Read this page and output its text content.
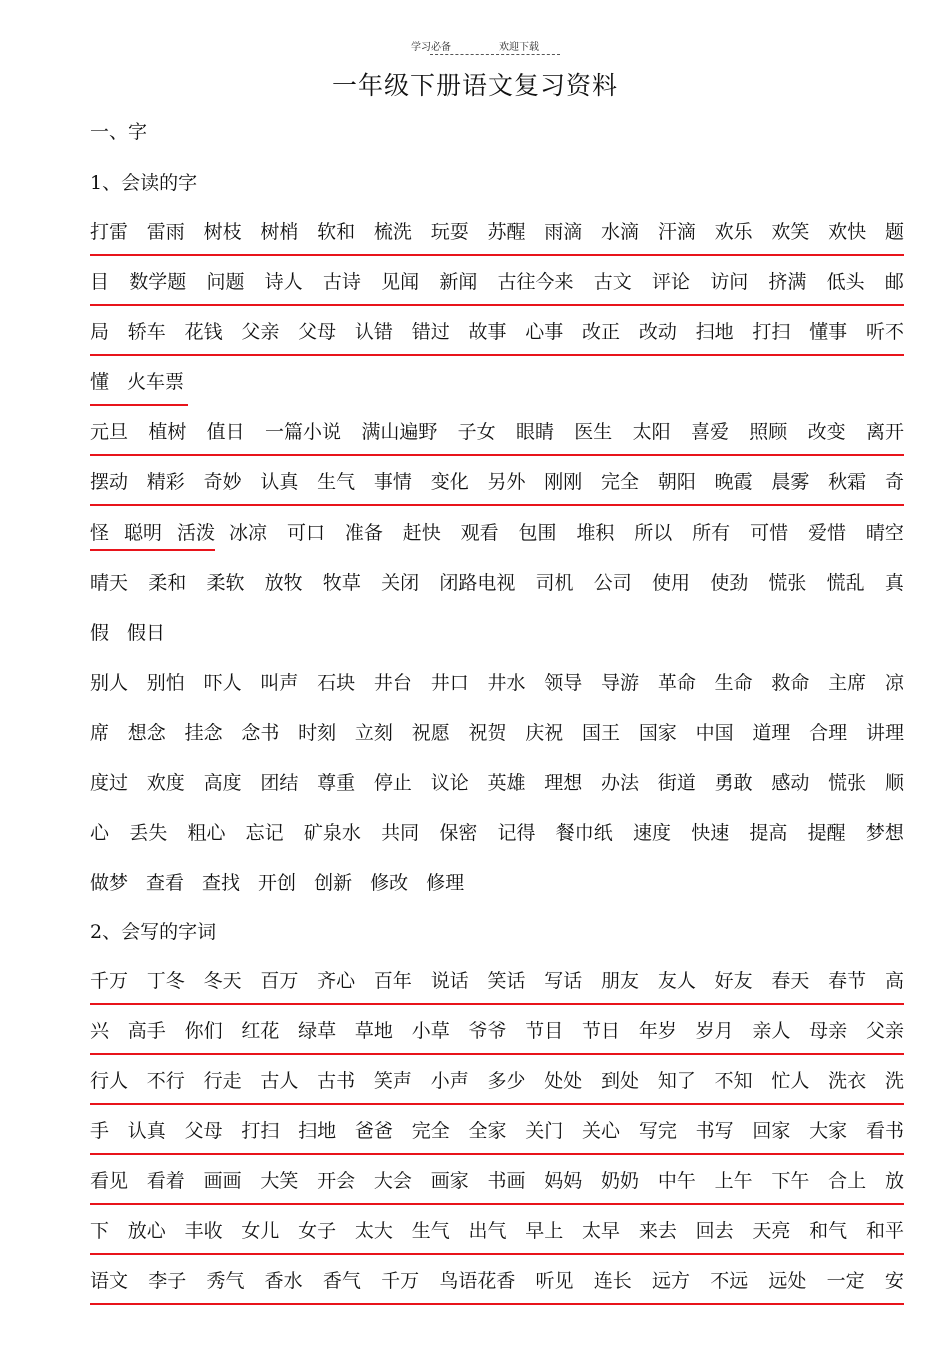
学习必备	欢迎下载
一年级下册语文复习资料
一、字
1、会读的字
打雷 雷雨 树枝 树梢 软和 梳洗 玩耍 苏醒 雨滴 水滴 汗滴 欢乐 欢笑 欢快 题
目 数学题 问题 诗人 古诗 见闻 新闻 古往今来 古文 评论 访问 挤满 低头 邮
局 轿车 花钱 父亲 父母 认错 错过 故事 心事 改正 改动 扫地 打扫 懂事 听不
懂 火车票
元旦 植树 值日 一篇小说 满山遍野 子女 眼睛 医生 太阳 喜爱 照顾 改变 离开
摆动 精彩 奇妙 认真 生气 事情 变化 另外 刚刚 完全 朝阳 晚霞 晨雾 秋霜 奇
怪 聪明 活泼 冰凉 可口 准备 赶快 观看 包围 堆积 所以 所有 可惜 爱惜 晴空
晴天 柔和 柔软 放牧 牧草 关闭 闭路电视 司机 公司 使用 使劲 慌张 慌乱 真
假 假日
别人 别怕 吓人 叫声 石块 井台 井口 井水 领导 导游 革命 生命 救命 主席 凉
席 想念 挂念 念书 时刻 立刻 祝愿 祝贺 庆祝 国王 国家 中国 道理 合理 讲理
度过 欢度 高度 团结 尊重 停止 议论 英雄 理想 办法 街道 勇敢 感动 慌张 顺
心 丢失 粗心 忘记 矿泉水 共同 保密 记得 餐巾纸 速度 快速 提高 提醒 梦想
做梦 查看 查找 开创 创新 修改 修理
2、会写的字词
千万 丁冬 冬天 百万 齐心 百年 说话 笑话 写话 朋友 友人 好友 春天 春节 高
兴 高手 你们 红花 绿草 草地 小草 爷爷 节目 节日 年岁 岁月 亲人 母亲 父亲
行人 不行 行走 古人 古书 笑声 小声 多少 处处 到处 知了 不知 忙人 洗衣 洗
手 认真 父母 打扫 扫地 爸爸 完全 全家 关门 关心 写完 书写 回家 大家 看书
看见 看着 画画 大笑 开会 大会 画家 书画 妈妈 奶奶 中午 上午 下午 合上 放
下 放心 丰收 女儿 女子 太大 生气 出气 早上 太早 来去 回去 天亮 和气 和平
语文 李子 秀气 香水 香气 千万 鸟语花香 听见 连长 远方 不远 远处 一定 安
